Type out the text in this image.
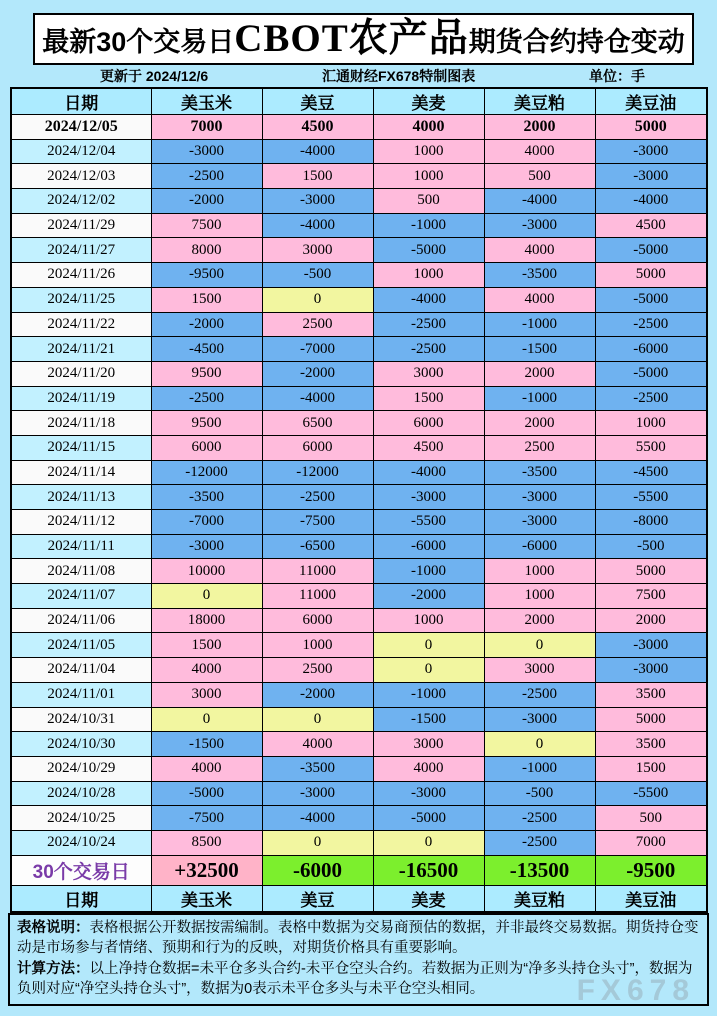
最新30个交易日 CBOT农产品 期货合约持仓变动
更新于 2024/12/6	汇通财经FX678特制图表	单位：手
日期	美玉米	美豆	美麦	美豆粕	美豆油
2024/12/05	7000	4500	4000	2000	5000
2024/12/04	-3000	-4000	1000	4000	-3000
2024/12/03	-2500	1500	1000	500	-3000
2024/12/02	-2000	-3000	500	-4000	-4000
2024/11/29	7500	-4000	-1000	-3000	4500
2024/11/27	8000	3000	-5000	4000	-5000
2024/11/26	-9500	-500	1000	-3500	5000
2024/11/25	1500	0	-4000	4000	-5000
2024/11/22	-2000	2500	-2500	-1000	-2500
2024/11/21	-4500	-7000	-2500	-1500	-6000
2024/11/20	9500	-2000	3000	2000	-5000
2024/11/19	-2500	-4000	1500	-1000	-2500
2024/11/18	9500	6500	6000	2000	1000
2024/11/15	6000	6000	4500	2500	5500
2024/11/14	-12000	-12000	-4000	-3500	-4500
2024/11/13	-3500	-2500	-3000	-3000	-5500
2024/11/12	-7000	-7500	-5500	-3000	-8000
2024/11/11	-3000	-6500	-6000	-6000	-500
2024/11/08	10000	11000	-1000	1000	5000
2024/11/07	0	11000	-2000	1000	7500
2024/11/06	18000	6000	1000	2000	2000
2024/11/05	1500	1000	0	0	-3000
2024/11/04	4000	2500	0	3000	-3000
2024/11/01	3000	-2000	-1000	-2500	3500
2024/10/31	0	0	-1500	-3000	5000
2024/10/30	-1500	4000	3000	0	3500
2024/10/29	4000	-3500	4000	-1000	1500
2024/10/28	-5000	-3000	-3000	-500	-5500
2024/10/25	-7500	-4000	-5000	-2500	500
2024/10/24	8500	0	0	-2500	7000
30个交易日	+32500	-6000	-16500	-13500	-9500
日期	美玉米	美豆	美麦	美豆粕	美豆油
表格说明：表格根据公开数据按需编制。表格中数据为交易商预估的数据，并非最终交易数据。期货持仓变动是市场参与者情绪、预期和行为的反映，对期货价格具有重要影响。
计算方法：以上净持仓数据=未平仓多头合约-未平仓空头合约。若数据为正则为“净多头持仓头寸”，数据为负则对应“净空头持仓头寸”，数据为0表示未平仓多头与未平仓空头相同。	FX678
